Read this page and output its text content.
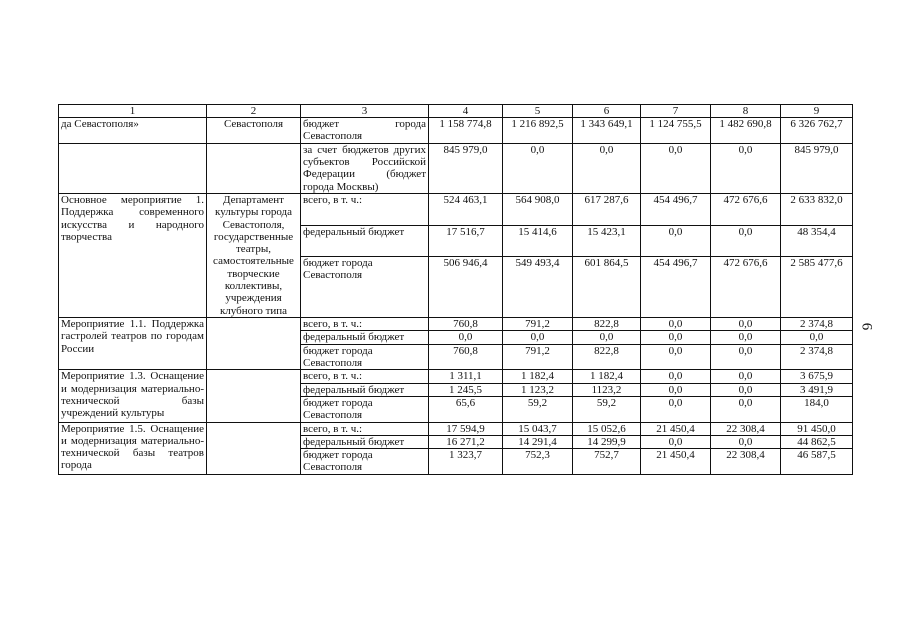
6
1	2	3	4	5	6	7	8	9
да Севастополя»	Севастополя	бюджет города Севастополя	1 158 774,8	1 216 892,5	1 343 649,1	1 124 755,5	1 482 690,8	6 326 762,7
		за счет бюджетов других субъектов Российской Федерации (бюджет города Москвы)	845 979,0	0,0	0,0	0,0	0,0	845 979,0
Основное мероприятие 1. Поддержка современного искусства и народного творчества	Департамент культуры города Севастополя, государственные театры, самостоятельные творческие коллективы, учреждения клубного типа	всего, в т. ч.:	524 463,1	564 908,0	617 287,6	454 496,7	472 676,6	2 633 832,0
		федеральный бюджет	17 516,7	15 414,6	15 423,1	0,0	0,0	48 354,4
		бюджет города Севастополя	506 946,4	549 493,4	601 864,5	454 496,7	472 676,6	2 585 477,6
Мероприятие 1.1. Поддержка гастролей театров по городам России		всего, в т. ч.:	760,8	791,2	822,8	0,0	0,0	2 374,8
		федеральный бюджет	0,0	0,0	0,0	0,0	0,0	0,0
		бюджет города Севастополя	760,8	791,2	822,8	0,0	0,0	2 374,8
Мероприятие 1.3. Оснащение и модернизация материально-технической базы учреждений культуры		всего, в т. ч.:	1 311,1	1 182,4	1 182,4	0,0	0,0	3 675,9
		федеральный бюджет	1 245,5	1 123,2	1123,2	0,0	0,0	3 491,9
		бюджет города Севастополя	65,6	59,2	59,2	0,0	0,0	184,0
Мероприятие 1.5. Оснащение и модернизация материально-технической базы театров города		всего, в т. ч.:	17 594,9	15 043,7	15 052,6	21 450,4	22 308,4	91 450,0
		федеральный бюджет	16 271,2	14 291,4	14 299,9	0,0	0,0	44 862,5
		бюджет города Севастополя	1 323,7	752,3	752,7	21 450,4	22 308,4	46 587,5
